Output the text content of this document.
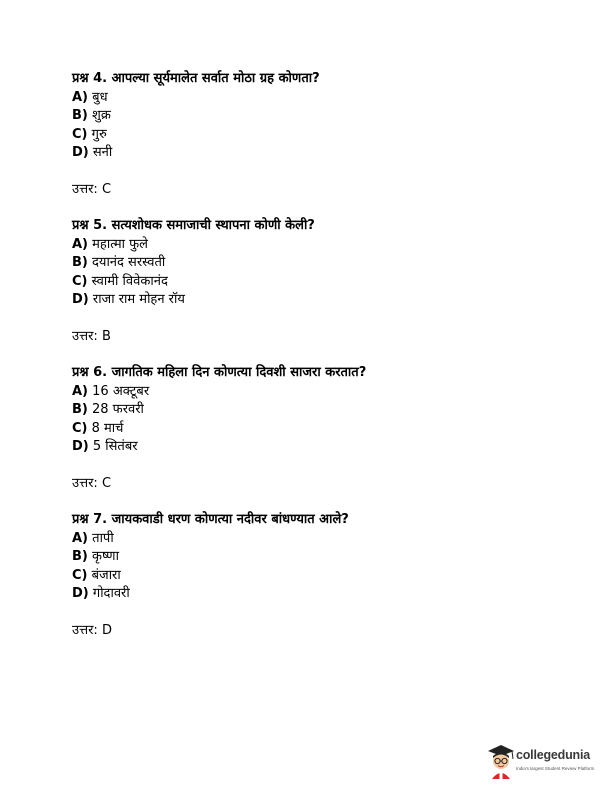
प्रश्न 4. आपल्या सूर्यमालेत सर्वात मोठा ग्रह कोणता?
A) बुध
B) शुक्र
C) गुरु
D) सनी
उत्तर: C
प्रश्न 5. सत्यशोधक समाजाची स्थापना कोणी केली?
A) महात्मा फुले
B) दयानंद सरस्वती
C) स्वामी विवेकानंद
D) राजा राम मोहन रॉय
उत्तर: B
प्रश्न 6. जागतिक महिला दिन कोणत्या दिवशी साजरा करतात?
A) 16 अक्टूबर
B) 28 फरवरी
C) 8 मार्च
D) 5 सितंबर
उत्तर: C
प्रश्न 7. जायकवाडी धरण कोणत्या नदीवर बांधण्यात आले?
A) तापी
B) कृष्णा
C) बंजारा
D) गोदावरी
उत्तर: D
collegedunia
India's largest Student Review Platform
